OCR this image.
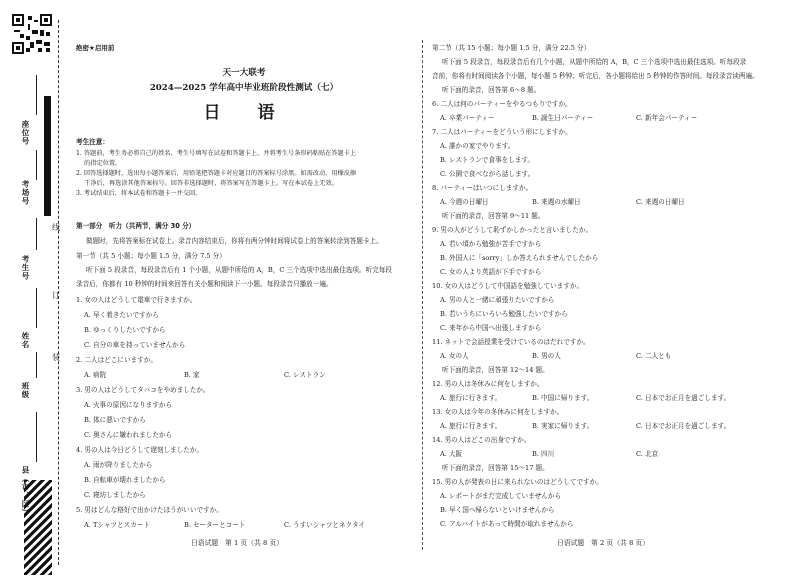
座位号
考场号
考生号
姓名
班级
县（市、区）
线
订
装
绝密★启用前
天一大联考
2024—2025 学年高中毕业班阶段性测试（七）
日　语
考生注意：
1. 答题前，考生务必将自己的姓名、考生号填写在试卷和答题卡上，并将考生号条形码粘贴在答题卡上
　 的指定位置。
2. 回答选择题时，选出每小题答案后，用铅笔把答题卡对应题目的答案标号涂黑。如需改动，用橡皮擦
　 干净后，再选涂其他答案标号。回答非选择题时，将答案写在答题卡上。写在本试卷上无效。
3. 考试结束后，将本试卷和答题卡一并交回。
第一部分　听力（共两节，满分 30 分）
做题时，先将答案标在试卷上。录音内容结束后，你将有两分钟时间将试卷上的答案转涂到答题卡上。
第一节（共 5 小题；每小题 1.5 分，满分 7.5 分）
听下面 5 段录音，每段录音后有 1 个小题，从题中所给的 A，B，C 三个选项中选出最佳选项。听完每段
录音后，你都有 10 秒钟的时间来回答有关小题和阅读下一小题。每段录音只播放一遍。
1. 女の人はどうして電車で行きますか。
A. 早く着きたいですから
B. ゆっくりしたいですから
C. 自分の車を持っていませんから
2. 二人はどこにいますか。
A. 病院	B. 家	C. レストラン
3. 男の人はどうしてタバコをやめましたか。
A. 火事の原因になりますから
B. 体に悪いですから
C. 奥さんに嫌われましたから
4. 男の人は今日どうして遅刻しましたか。
A. 雨が降りましたから
B. 自転車が壊れましたから
C. 寝坊しましたから
5. 男はどんな格好で出かけたほうがいいですか。
A. Tシャツとスカート	B. セーターとコート	C. うすいシャツとネクタイ
日语试题　第 1 页（共 8 页）
第二节（共 15 小题；每小题 1.5 分，满分 22.5 分）
听下面 5 段录音，每段录音后有几个小题，从题中所给的 A，B，C 三个选项中选出最佳选项。听每段录
音前，你将有时间阅读各个小题，每小题 5 秒钟；听完后，各小题将给出 5 秒钟的作答时间。每段录音读两遍。
听下面的录音，回答第 6～8 题。
6. 二人は何のパーティーをやるつもりですか。
A. 卒業パーティー	B. 誕生日パーティー	C. 新年会パーティー
7. 二人はパーティーをどういう形にしますか。
A. 誰かの家でやります。
B. レストランで食事をします。
C. 公園で食べながら話します。
8. パーティーはいつにしますか。
A. 今週の日曜日	B. 来週の水曜日	C. 来週の日曜日
听下面的录音，回答第 9～11 题。
9. 男の人がどうして恥ずかしかったと言いましたか。
A. 若い頃から勉強が苦手ですから
B. 外国人に「sorry」しか答えられませんでしたから
C. 女の人より英語が下手ですから
10. 女の人はどうして中国語を勉強していますか。
A. 男の人と一緒に頑張りたいですから
B. 若いうちにいろいろ勉強したいですから
C. 来年から中国へ出張しますから
11. ネットで会話授業を受けているのはだれですか。
A. 女の人	B. 男の人	C. 二人とも
听下面的录音，回答第 12～14 题。
12. 男の人は冬休みに何をしますか。
A. 旅行に行きます。	B. 中国に帰ります。	C. 日本でお正月を過ごします。
13. 女の人は今年の冬休みに何をしますか。
A. 旅行に行きます。	B. 実家に帰ります。	C. 日本でお正月を過ごします。
14. 男の人はどこの出身ですか。
A. 大阪	B. 四川	C. 北京
听下面的录音，回答第 15～17 题。
15. 男の人が発表の日に来られないのはどうしてですか。
A. レポートがまだ完成していませんから
B. 早く国へ帰らないといけませんから
C. アルバイトがあって時間が取れませんから
日语试题　第 2 页（共 8 页）
